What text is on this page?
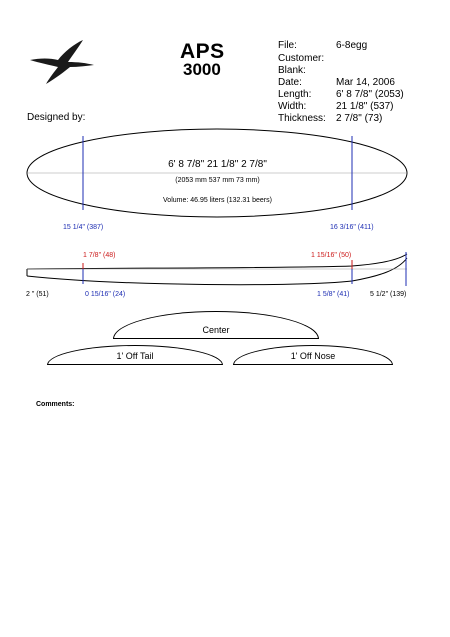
APS
3000
File:	6-8egg
Customer:
Blank:
Date:	Mar 14, 2006
Length: 6' 8 7/8" (2053)
Width:	21 1/8" (537)
Thickness: 2 7/8" (73)
Designed by:
6' 8 7/8" 21 1/8" 2 7/8"
(2053 mm 537 mm 73 mm)
Volume: 46.95 liters (132.31 beers)
15 1/4" (387)	16 3/16" (411)
1 7/8" (48)	1 15/16" (50)
2 " (51)	0 15/16" (24)	1 5/8" (41)	5 1/2" (139)
Center
1' Off Tail	1' Off Nose
Comments:
